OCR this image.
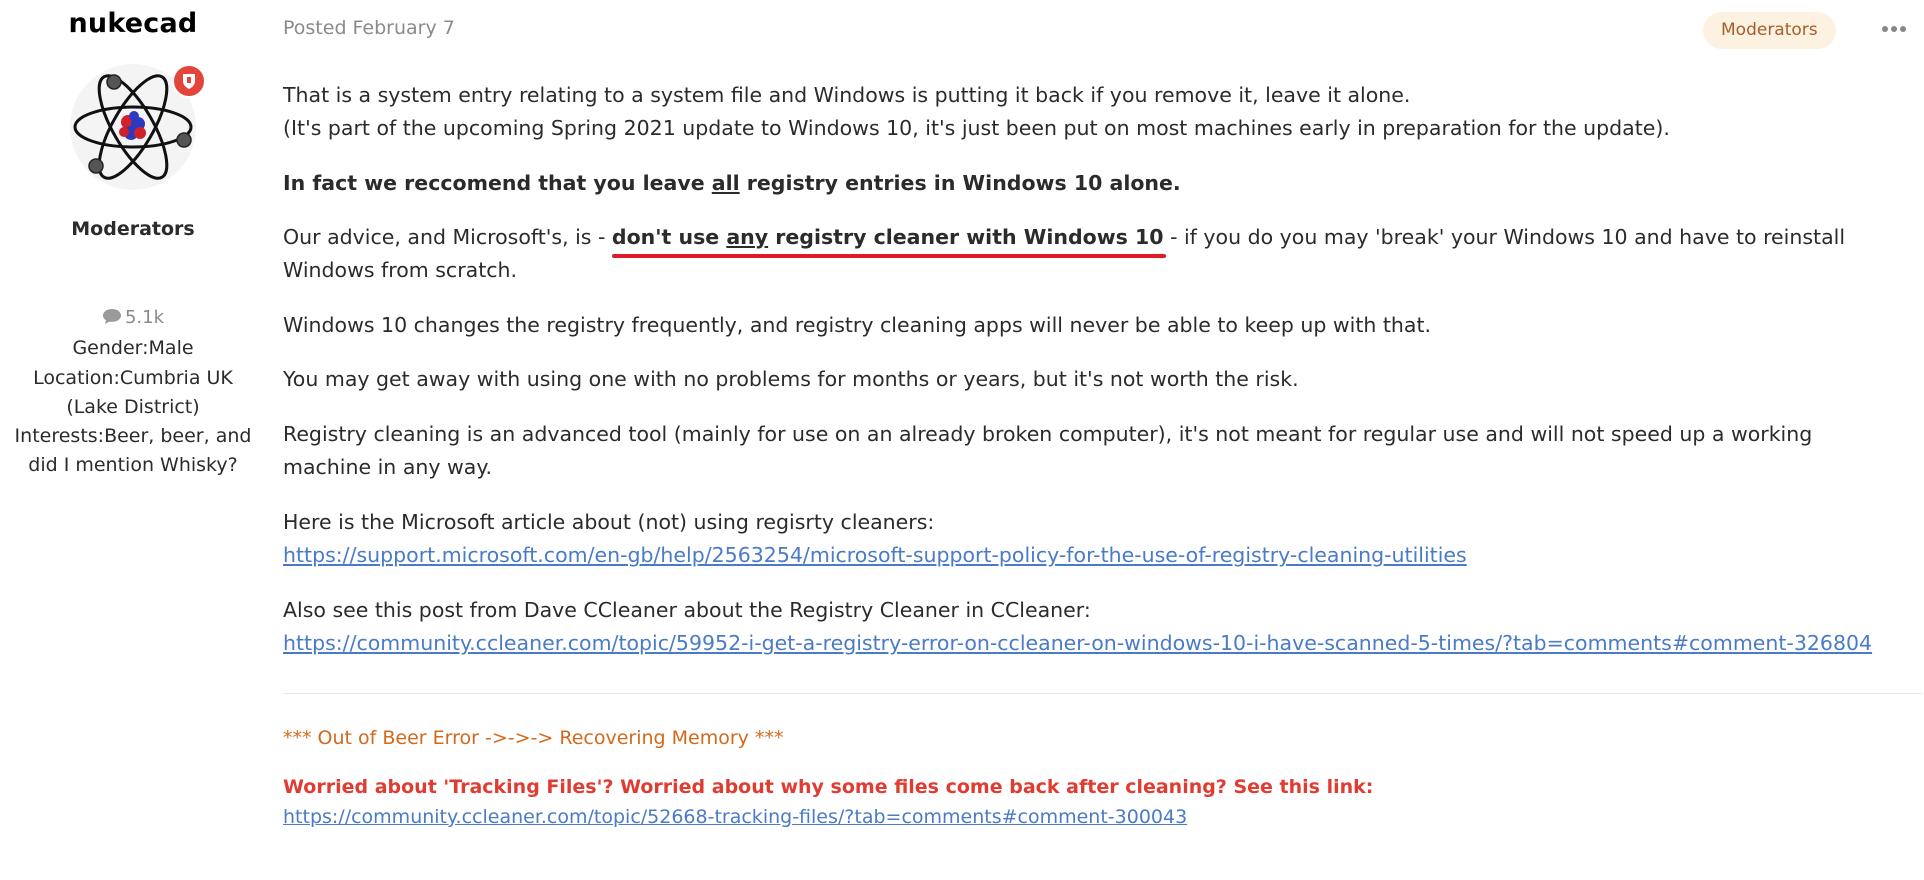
nukecad
Moderators
5.1k
Gender:Male
Location:Cumbria UK (Lake District)
Interests:Beer, beer, and did I mention Whisky?
Posted February 7	Moderators

That is a system entry relating to a system file and Windows is putting it back if you remove it, leave it alone.
(It's part of the upcoming Spring 2021 update to Windows 10, it's just been put on most machines early in preparation for the update).

In fact we reccomend that you leave all registry entries in Windows 10 alone.

Our advice, and Microsoft's, is - don't use any registry cleaner with Windows 10 - if you do you may 'break' your Windows 10 and have to reinstall Windows from scratch.

Windows 10 changes the registry frequently, and registry cleaning apps will never be able to keep up with that.

You may get away with using one with no problems for months or years, but it's not worth the risk.

Registry cleaning is an advanced tool (mainly for use on an already broken computer), it's not meant for regular use and will not speed up a working machine in any way.

Here is the Microsoft article about (not) using regisrty cleaners:
https://support.microsoft.com/en-gb/help/2563254/microsoft-support-policy-for-the-use-of-registry-cleaning-utilities

Also see this post from Dave CCleaner about the Registry Cleaner in CCleaner:
https://community.ccleaner.com/topic/59952-i-get-a-registry-error-on-ccleaner-on-windows-10-i-have-scanned-5-times/?tab=comments#comment-326804

*** Out of Beer Error ->->-> Recovering Memory ***
Worried about 'Tracking Files'? Worried about why some files come back after cleaning? See this link:
https://community.ccleaner.com/topic/52668-tracking-files/?tab=comments#comment-300043
